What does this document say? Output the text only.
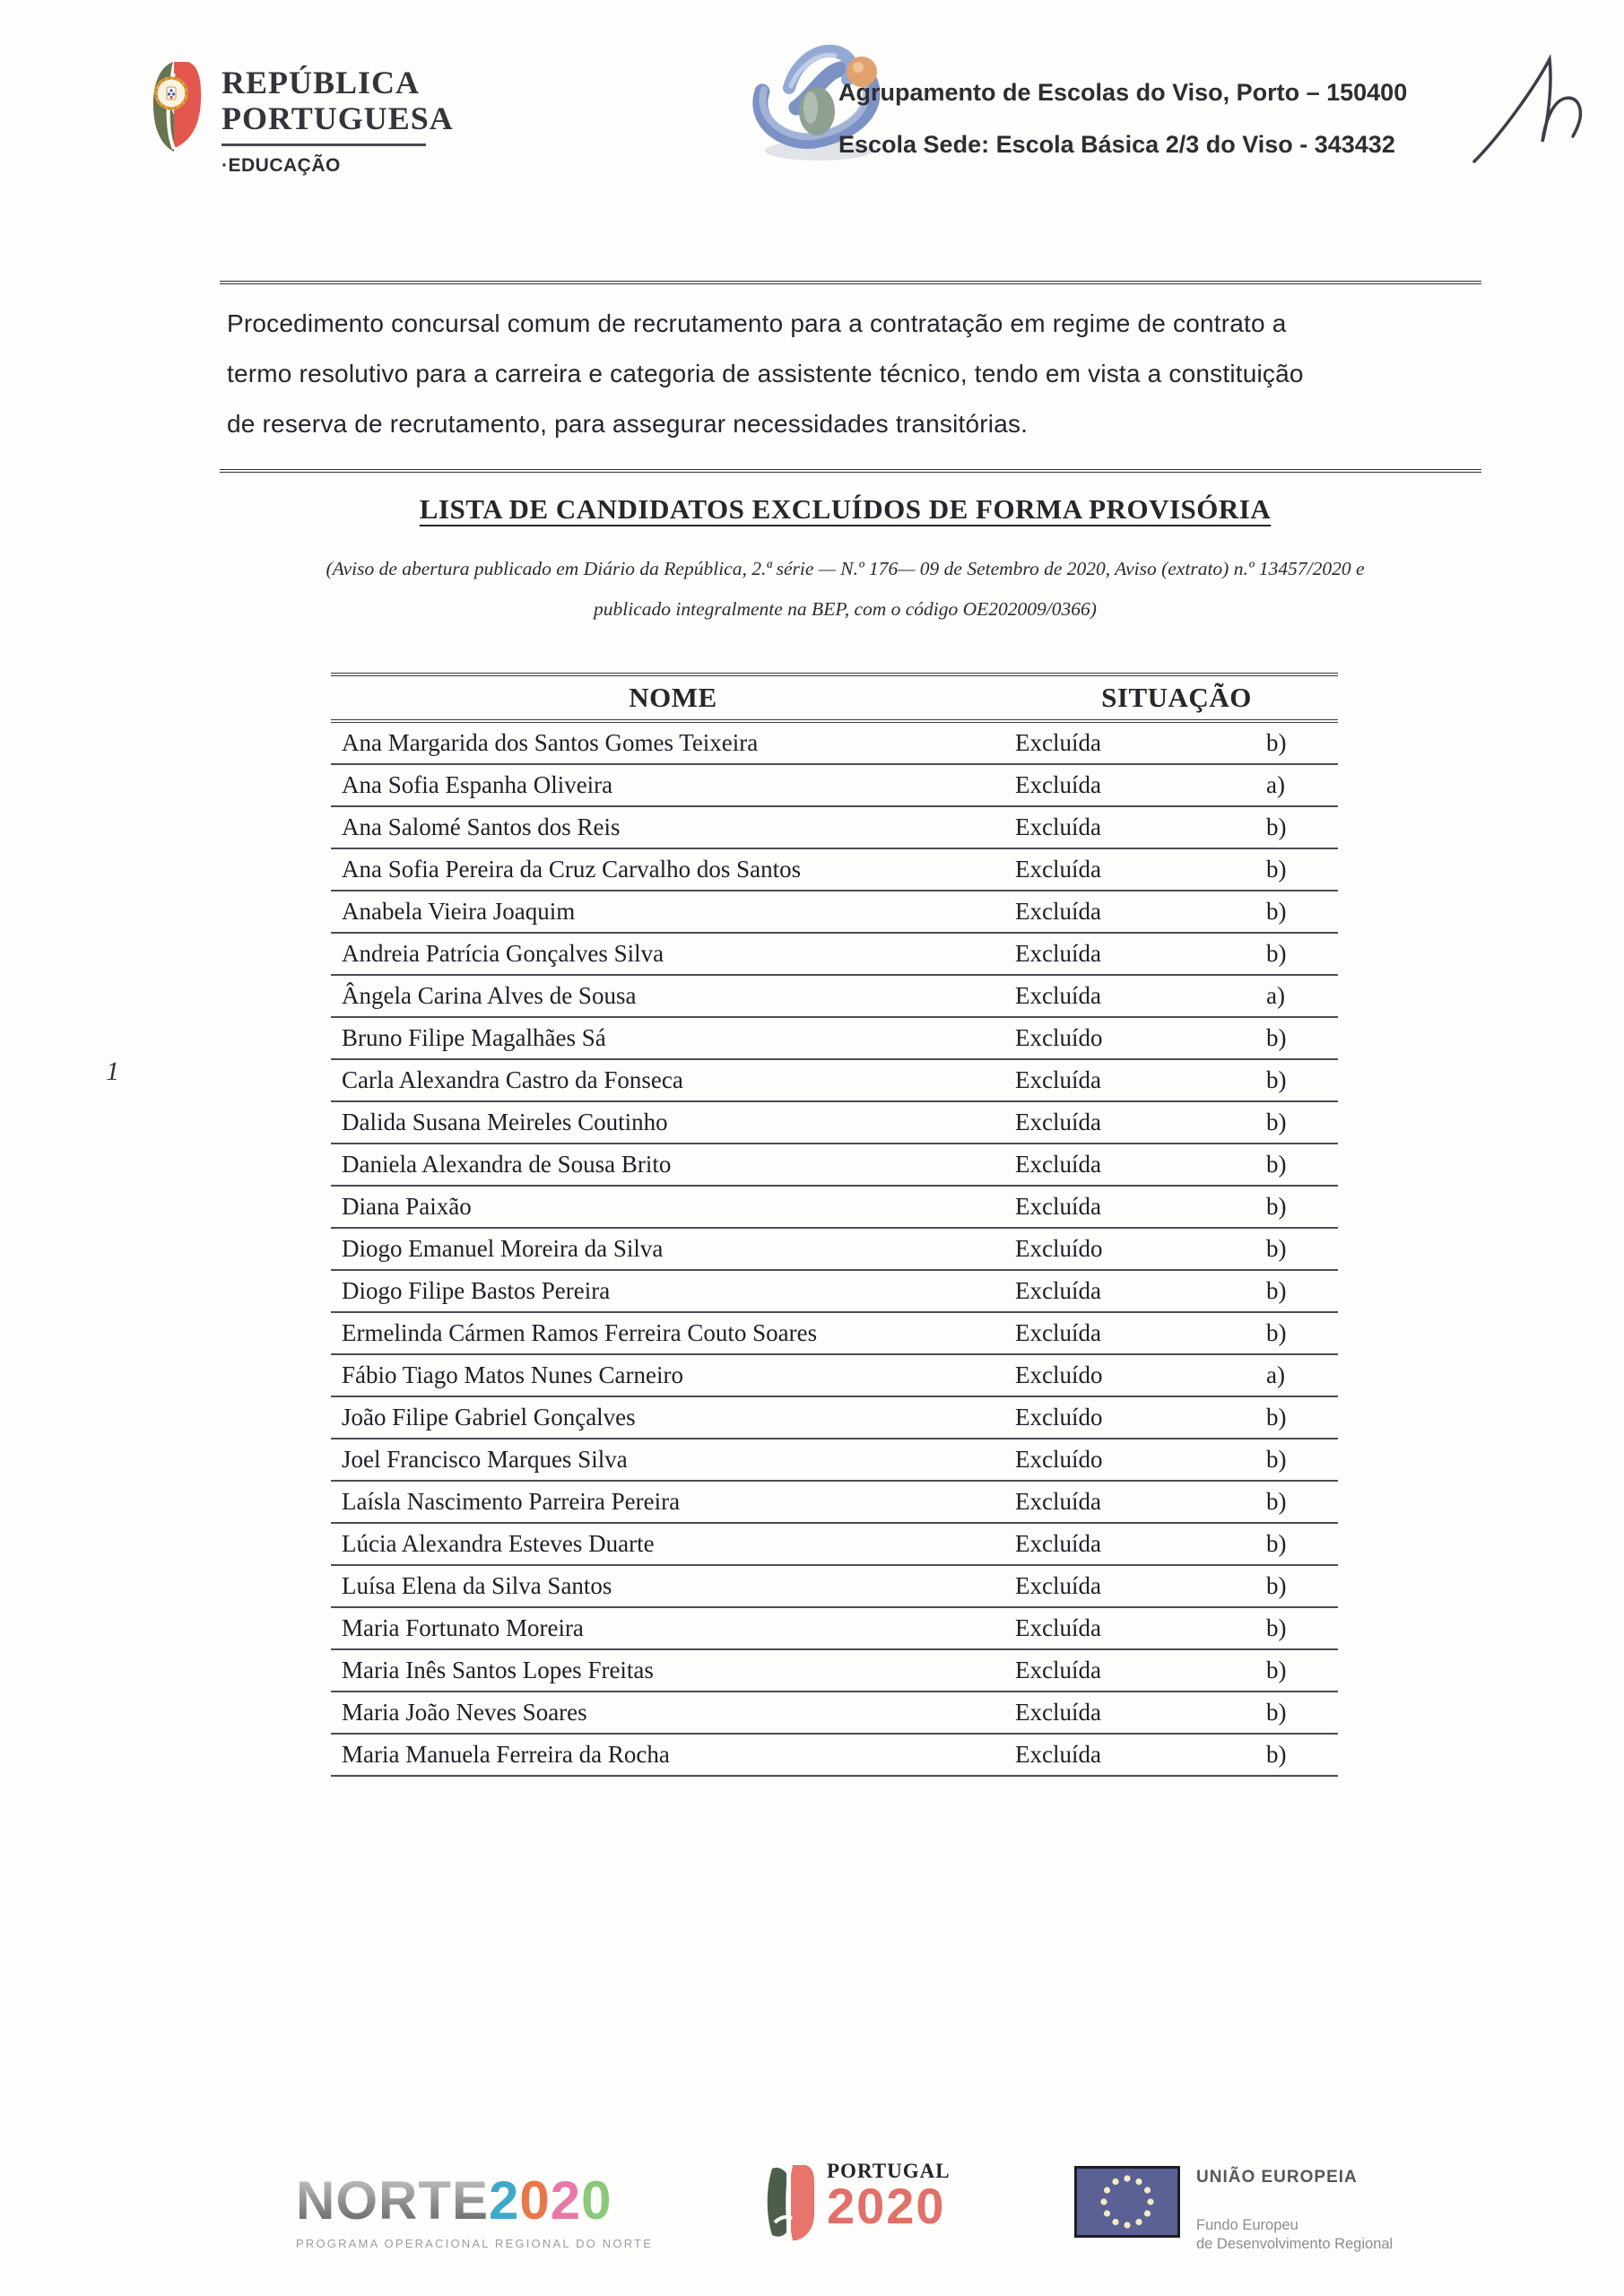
REPÚBLICA
PORTUGUESA
·EDUCAÇÃO
Agrupamento de Escolas do Viso, Porto – 150400
Escola Sede: Escola Básica 2/3 do Viso - 343432
Procedimento concursal comum de recrutamento para a contratação em regime de contrato a
termo resolutivo para a carreira e categoria de assistente técnico, tendo em vista a constituição
de reserva de recrutamento, para assegurar necessidades transitórias.
LISTA DE CANDIDATOS EXCLUÍDOS DE FORMA PROVISÓRIA
(Aviso de abertura publicado em Diário da República, 2.ª série — N.º 176— 09 de Setembro de 2020, Aviso (extrato) n.º 13457/2020 e
publicado integralmente na BEP, com o código OE202009/0366)
1
NOME	SITUAÇÃO
Ana Margarida dos Santos Gomes Teixeira	Excluída	b)
Ana Sofia Espanha Oliveira	Excluída	a)
Ana Salomé Santos dos Reis	Excluída	b)
Ana Sofia Pereira da Cruz Carvalho dos Santos	Excluída	b)
Anabela Vieira Joaquim	Excluída	b)
Andreia Patrícia Gonçalves Silva	Excluída	b)
Ângela Carina Alves de Sousa	Excluída	a)
Bruno Filipe Magalhães Sá	Excluído	b)
Carla Alexandra Castro da Fonseca	Excluída	b)
Dalida Susana Meireles Coutinho	Excluída	b)
Daniela Alexandra de Sousa Brito	Excluída	b)
Diana Paixão	Excluída	b)
Diogo Emanuel Moreira da Silva	Excluído	b)
Diogo Filipe Bastos Pereira	Excluída	b)
Ermelinda Cármen Ramos Ferreira Couto Soares	Excluída	b)
Fábio Tiago Matos Nunes Carneiro	Excluído	a)
João Filipe Gabriel Gonçalves	Excluído	b)
Joel Francisco Marques Silva	Excluído	b)
Laísla Nascimento Parreira Pereira	Excluída	b)
Lúcia Alexandra Esteves Duarte	Excluída	b)
Luísa Elena da Silva Santos	Excluída	b)
Maria Fortunato Moreira	Excluída	b)
Maria Inês Santos Lopes Freitas	Excluída	b)
Maria João Neves Soares	Excluída	b)
Maria Manuela Ferreira da Rocha	Excluída	b)
NORTE2020
PROGRAMA OPERACIONAL REGIONAL DO NORTE
PORTUGAL
2020
UNIÃO EUROPEIA
Fundo Europeu
de Desenvolvimento Regional
